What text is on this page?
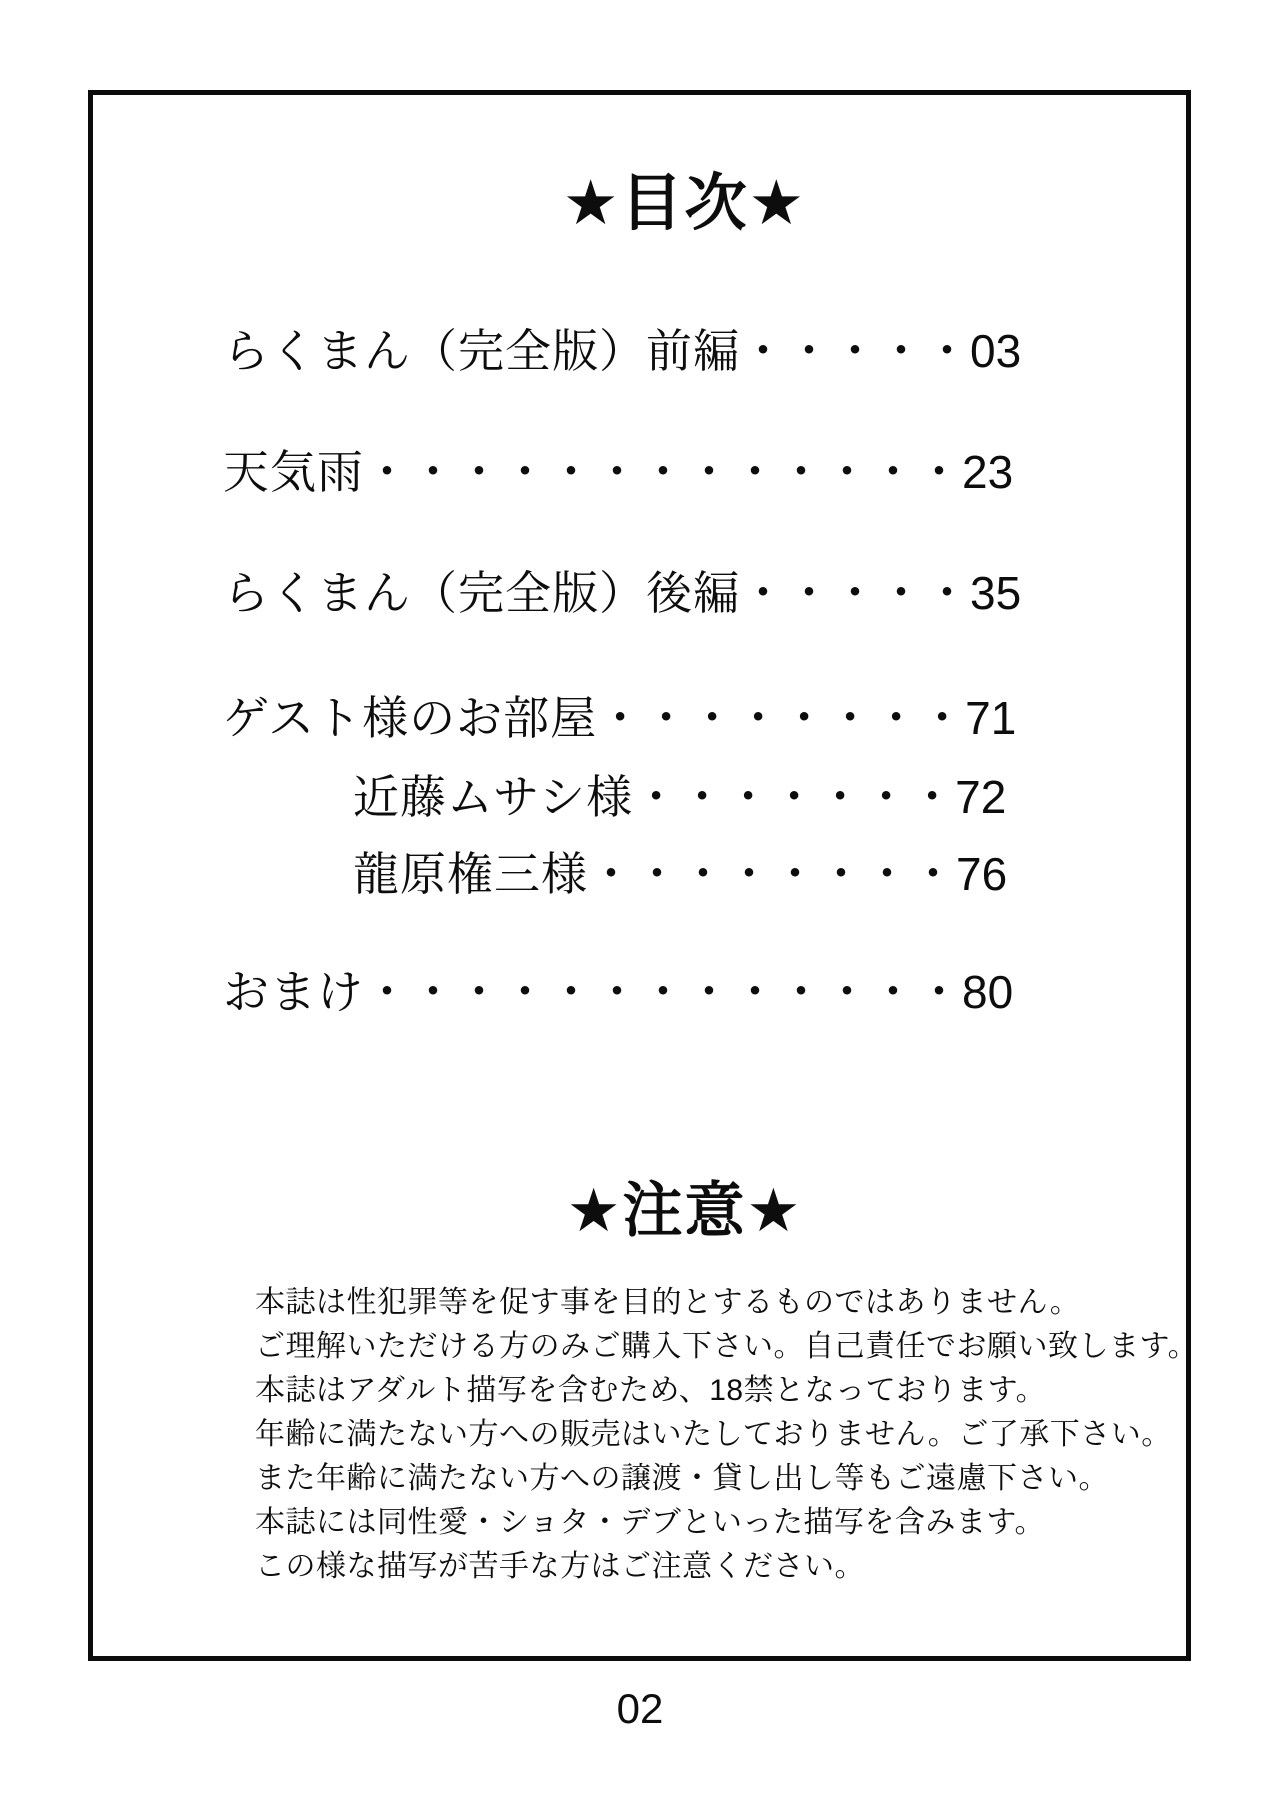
★目次★
らくまん（完全版）前編・・・・・03
天気雨・・・・・・・・・・・・・23
らくまん（完全版）後編・・・・・35
ゲスト様のお部屋・・・・・・・・71
近藤ムサシ様・・・・・・・72
龍原権三様・・・・・・・・76
おまけ・・・・・・・・・・・・・80
★注意★

本誌は性犯罪等を促す事を目的とするものではありません。

ご理解いただける方のみご購入下さい。自己責任でお願い致します。

本誌はアダルト描写を含むため、18禁となっております。

年齢に満たない方への販売はいたしておりません。ご了承下さい。

また年齢に満たない方への譲渡・貸し出し等もご遠慮下さい。

本誌には同性愛・ショタ・デブといった描写を含みます。

この様な描写が苦手な方はご注意ください。

02
